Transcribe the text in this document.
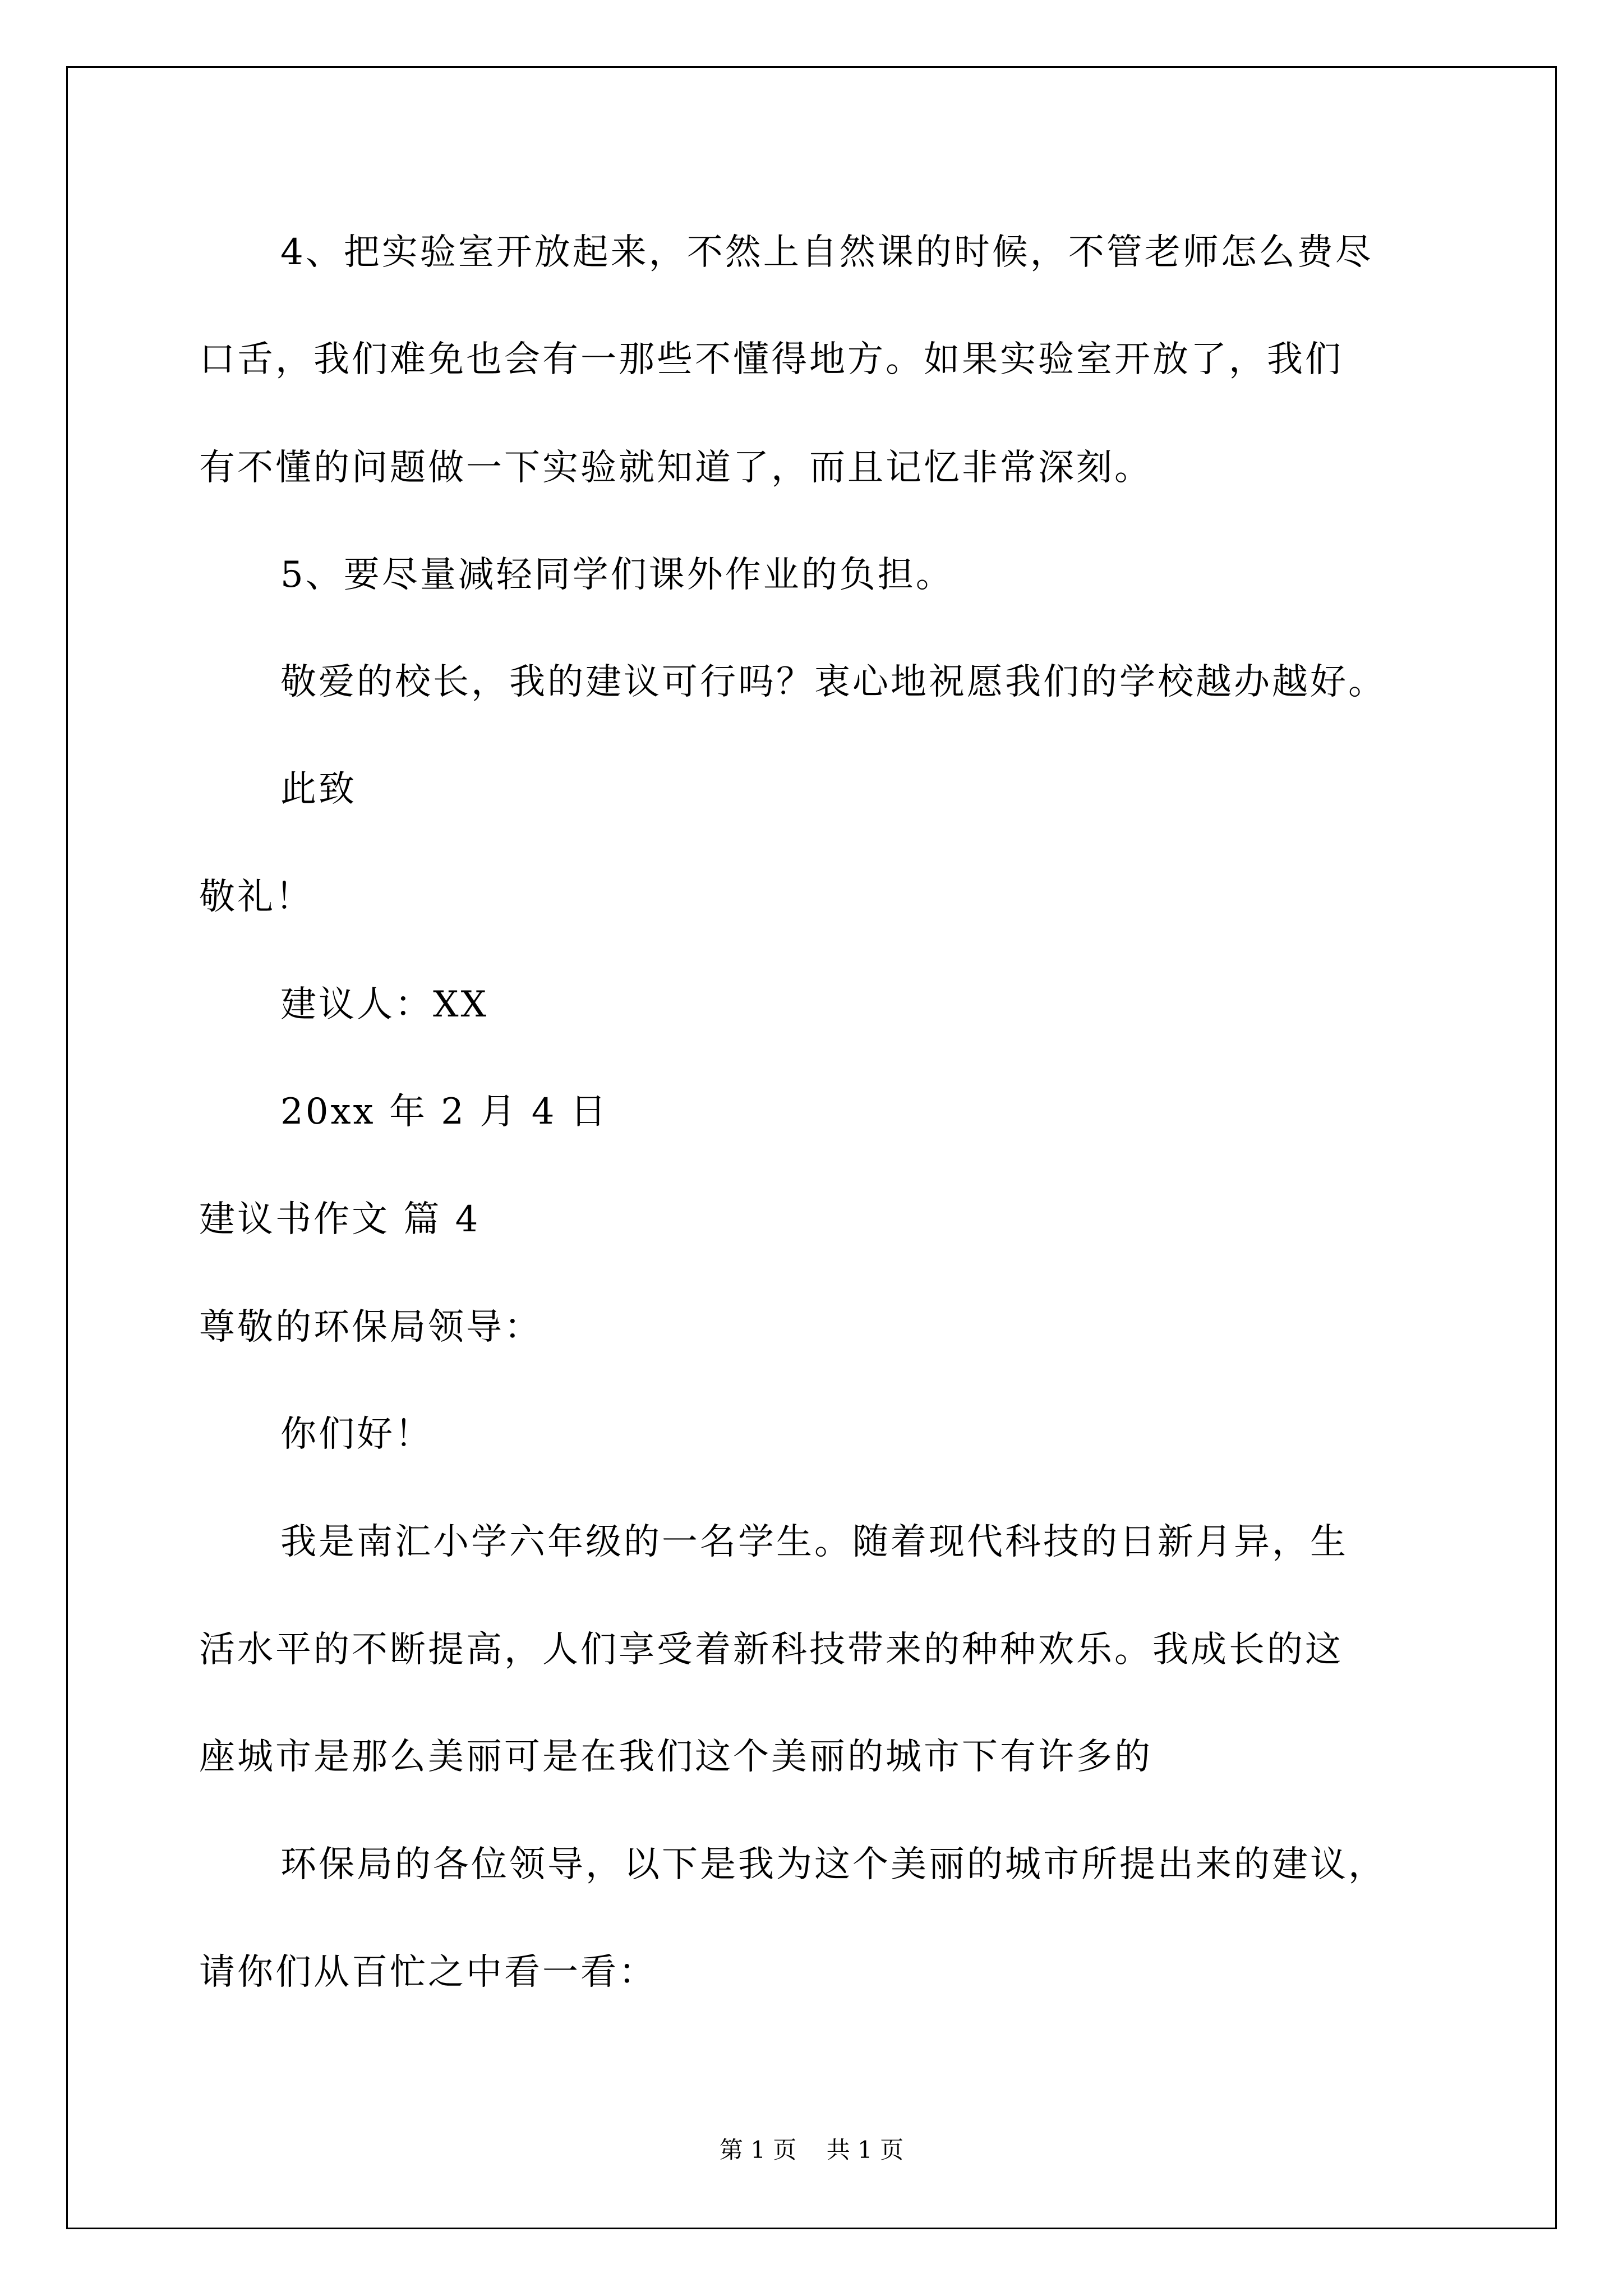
4、把实验室开放起来，不然上自然课的时候，不管老师怎么费尽
口舌，我们难免也会有一那些不懂得地方。如果实验室开放了，我们
有不懂的问题做一下实验就知道了，而且记忆非常深刻。
5、要尽量减轻同学们课外作业的负担。
敬爱的校长，我的建议可行吗？衷心地祝愿我们的学校越办越好。
此致
敬礼！
建议人：XX
20xx 年 2 月 4 日
建议书作文 篇 4
尊敬的环保局领导：
你们好！
我是南汇小学六年级的一名学生。随着现代科技的日新月异，生
活水平的不断提高，人们享受着新科技带来的种种欢乐。我成长的这
座城市是那么美丽可是在我们这个美丽的城市下有许多的
环保局的各位领导，以下是我为这个美丽的城市所提出来的建议，
请你们从百忙之中看一看：
第 1 页    共 1 页
